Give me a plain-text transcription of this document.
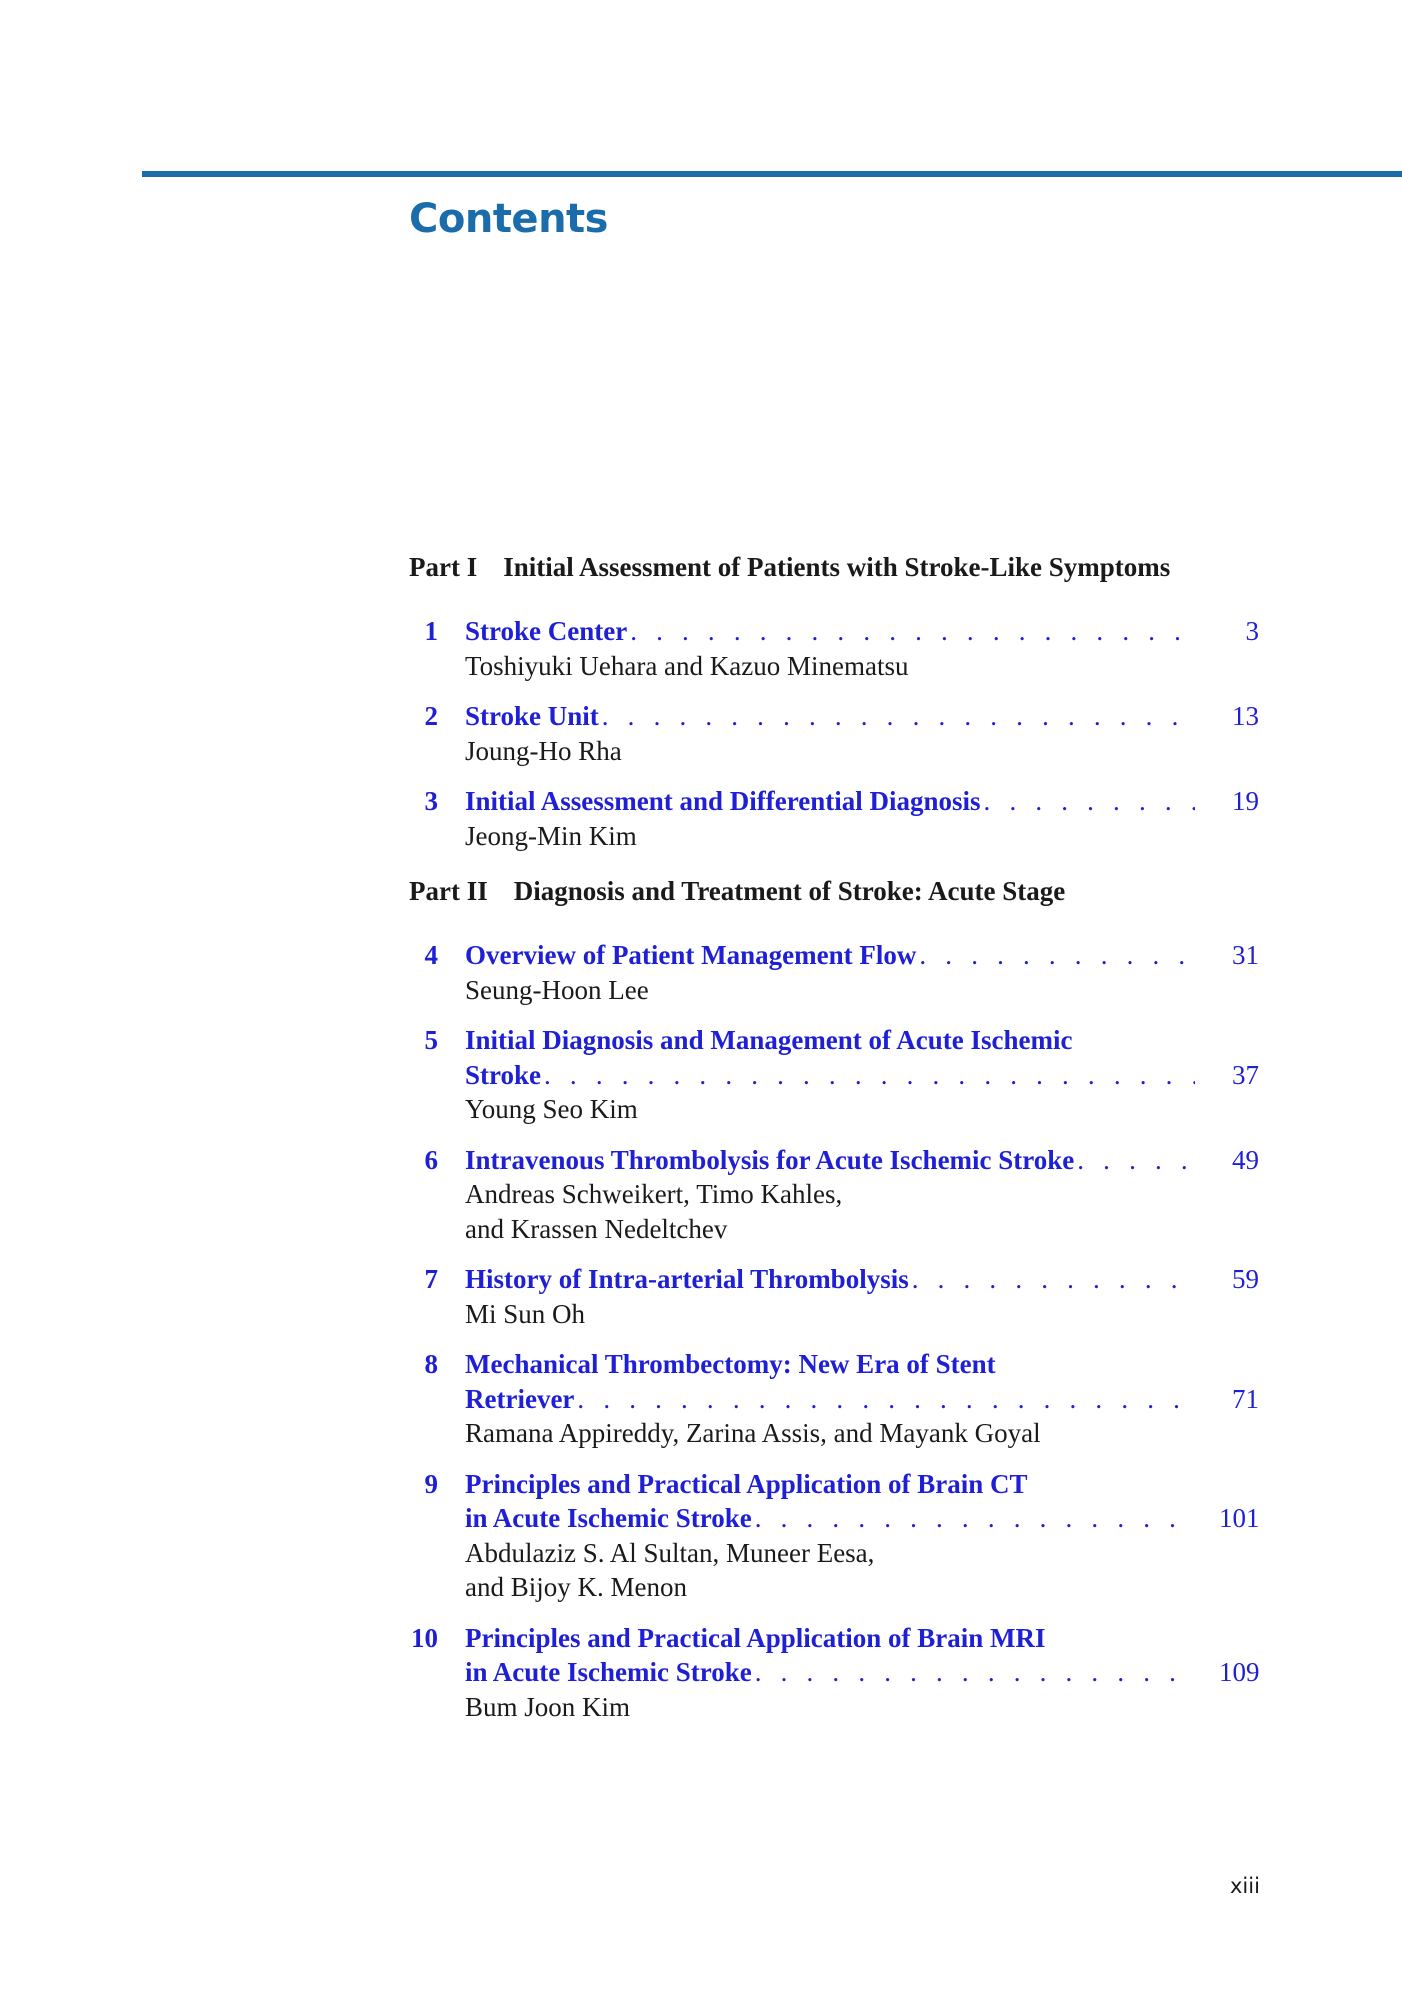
Contents
Part I Initial Assessment of Patients with Stroke-Like Symptoms
1 Stroke Center . . .	3
Toshiyuki Uehara and Kazuo Minematsu
2 Stroke Unit . . .	13
Joung-Ho Rha
3 Initial Assessment and Differential Diagnosis . . .	19
Jeong-Min Kim
Part II Diagnosis and Treatment of Stroke: Acute Stage
4 Overview of Patient Management Flow . . .	31
Seung-Hoon Lee
5 Initial Diagnosis and Management of Acute Ischemic
Stroke . . .	37
Young Seo Kim
6 Intravenous Thrombolysis for Acute Ischemic Stroke . . .	49
Andreas Schweikert, Timo Kahles,
and Krassen Nedeltchev
7 History of Intra-arterial Thrombolysis . . .	59
Mi Sun Oh
8 Mechanical Thrombectomy: New Era of Stent
Retriever . . .	71
Ramana Appireddy, Zarina Assis, and Mayank Goyal
9 Principles and Practical Application of Brain CT
in Acute Ischemic Stroke . . .	101
Abdulaziz S. Al Sultan, Muneer Eesa,
and Bijoy K. Menon
10 Principles and Practical Application of Brain MRI
in Acute Ischemic Stroke . . .	109
Bum Joon Kim
xiii
